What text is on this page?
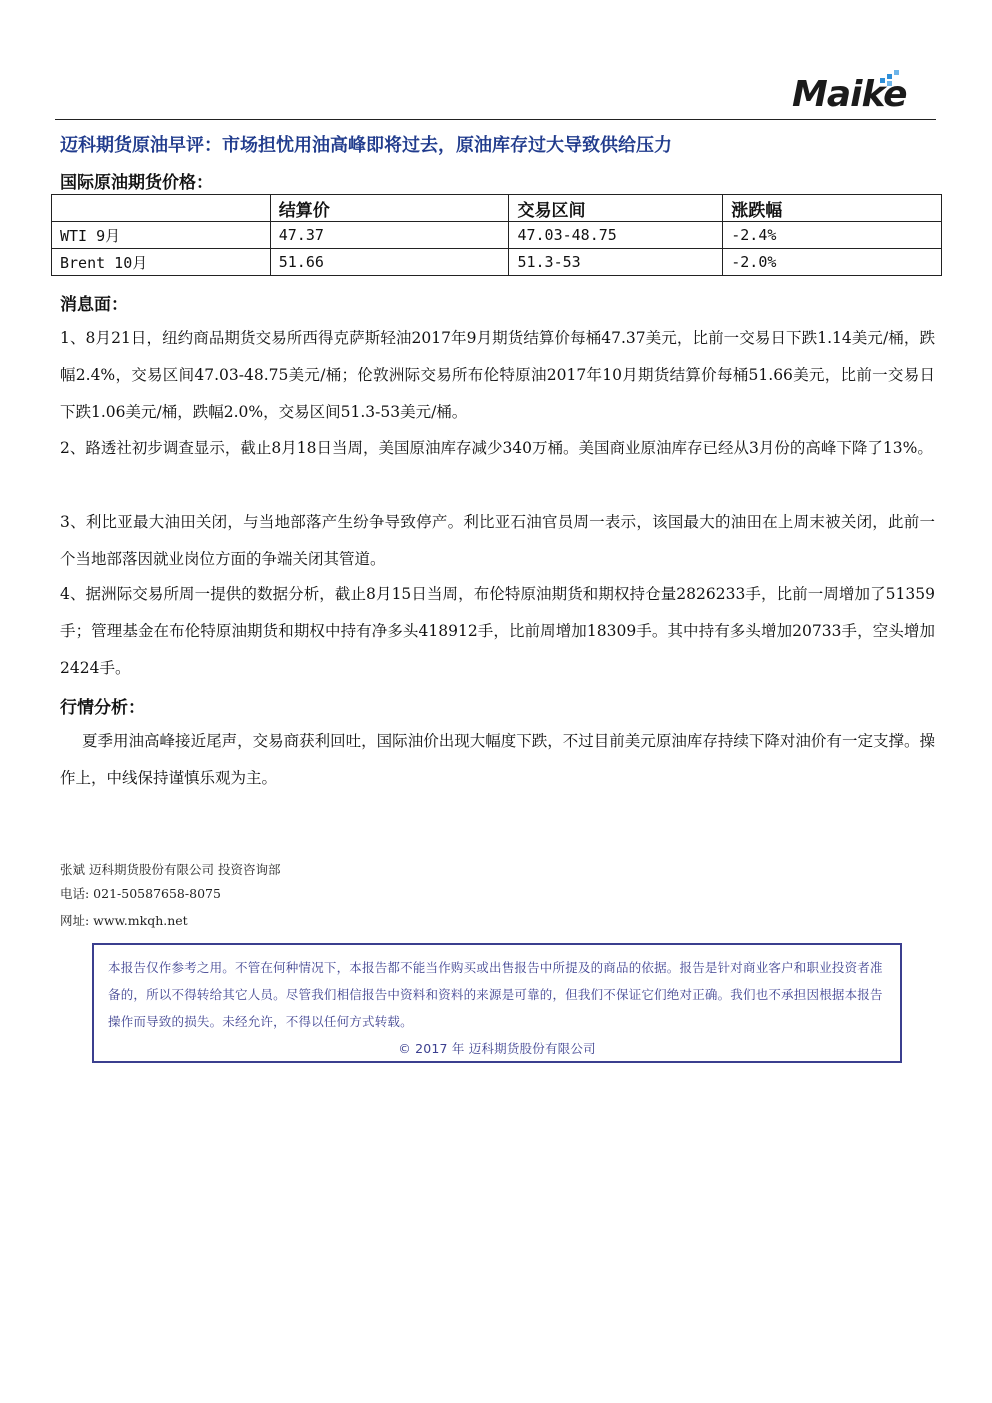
Maike
迈科期货原油早评：市场担忧用油高峰即将过去，原油库存过大导致供给压力
国际原油期货价格：
	结算价	交易区间	涨跌幅
WTI 9月	47.37	47.03-48.75	-2.4%
Brent 10月	51.66	51.3-53	-2.0%
消息面：

1、8月21日，纽约商品期货交易所西得克萨斯轻油2017年9月期货结算价每桶47.37美元，比前一交易日下跌1.14美元/桶，跌幅2.4%，交易区间47.03-48.75美元/桶；伦敦洲际交易所布伦特原油2017年10月期货结算价每桶51.66美元，比前一交易日下跌1.06美元/桶，跌幅2.0%，交易区间51.3-53美元/桶。

2、路透社初步调查显示，截止8月18日当周，美国原油库存减少340万桶。美国商业原油库存已经从3月份的高峰下降了13%。

3、利比亚最大油田关闭，与当地部落产生纷争导致停产。利比亚石油官员周一表示，该国最大的油田在上周末被关闭，此前一个当地部落因就业岗位方面的争端关闭其管道。

4、据洲际交易所周一提供的数据分析，截止8月15日当周，布伦特原油期货和期权持仓量2826233手，比前一周增加了51359手；管理基金在布伦特原油期货和期权中持有净多头418912手，比前周增加18309手。其中持有多头增加20733手，空头增加2424手。

行情分析：

夏季用油高峰接近尾声，交易商获利回吐，国际油价出现大幅度下跌，不过目前美元原油库存持续下降对油价有一定支撑。操作上，中线保持谨慎乐观为主。

张斌 迈科期货股份有限公司 投资咨询部
电话: 021-50587658-8075
网址: www.mkqh.net

本报告仅作参考之用。不管在何种情况下，本报告都不能当作购买或出售报告中所提及的商品的依据。报告是针对商业客户和职业投资者准备的，所以不得转给其它人员。尽管我们相信报告中资料和资料的来源是可靠的，但我们不保证它们绝对正确。我们也不承担因根据本报告操作而导致的损失。未经允许，不得以任何方式转载。

© 2017 年 迈科期货股份有限公司
